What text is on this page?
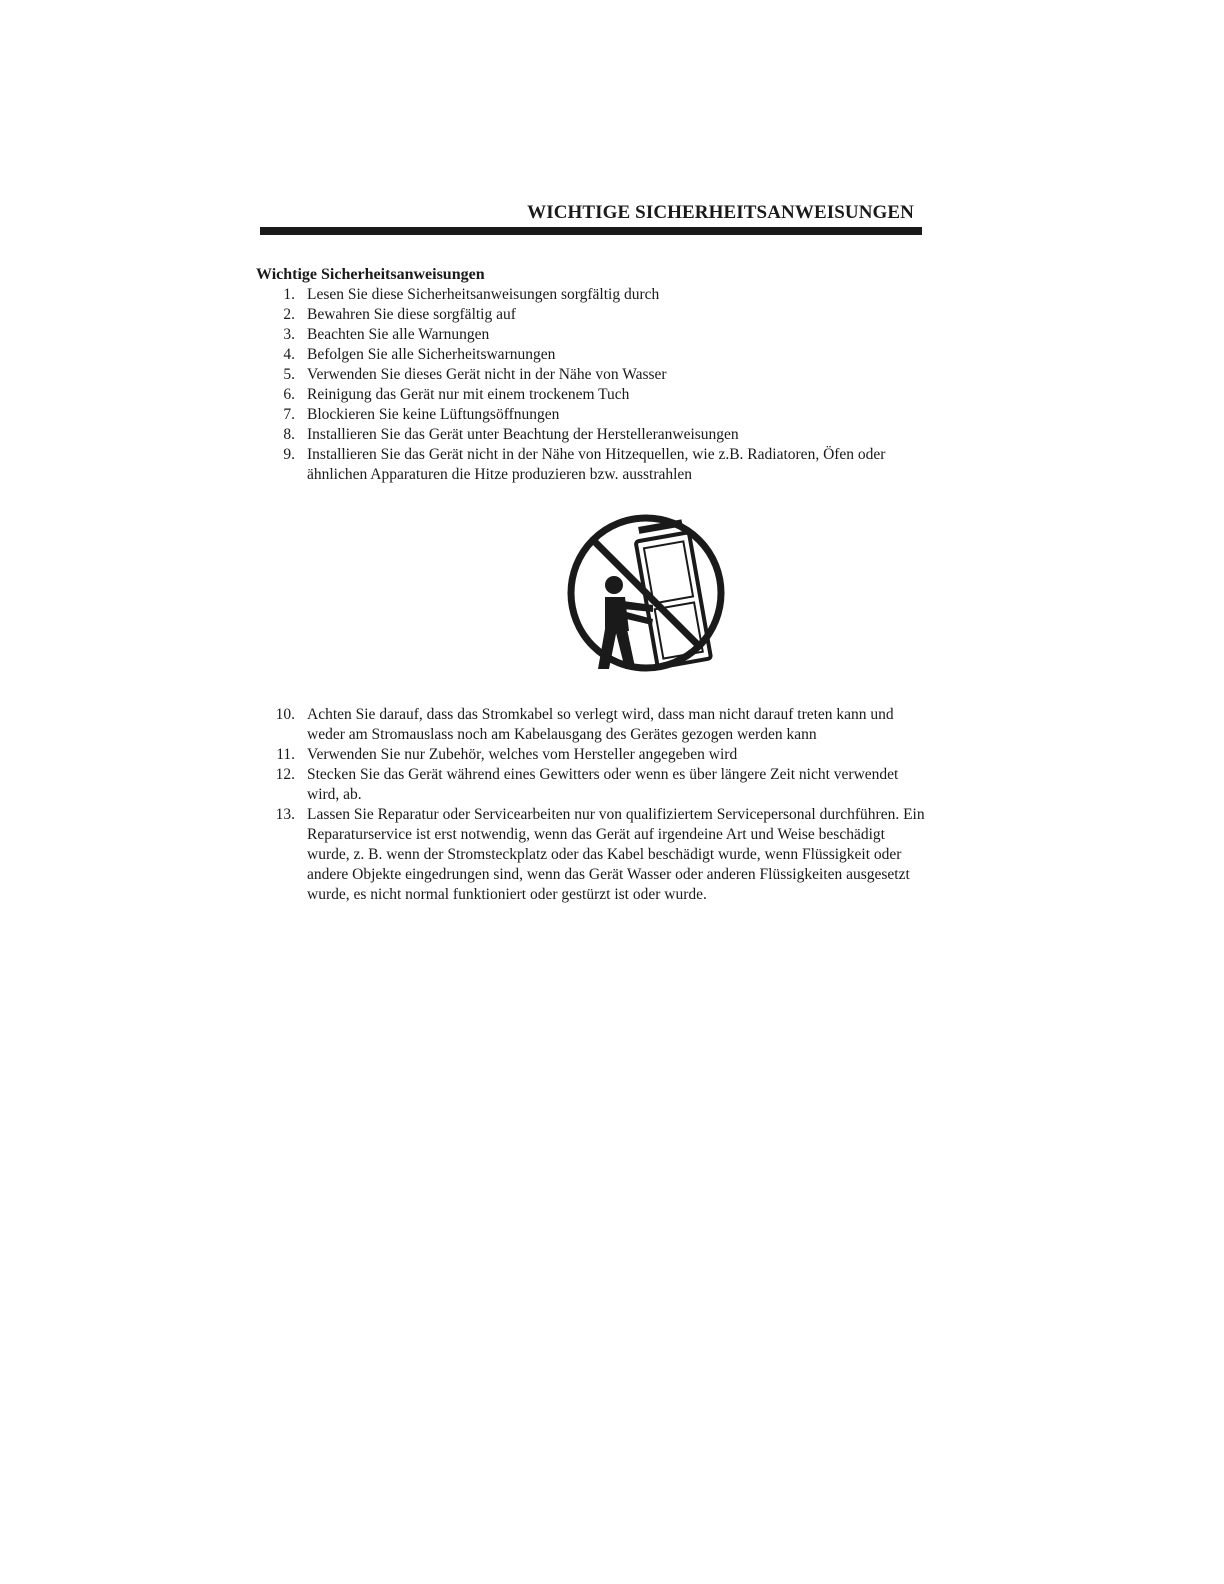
WICHTIGE SICHERHEITSANWEISUNGEN

Wichtige Sicherheitsanweisungen

1. Lesen Sie diese Sicherheitsanweisungen sorgfältig durch
2. Bewahren Sie diese sorgfältig auf
3. Beachten Sie alle Warnungen
4. Befolgen Sie alle Sicherheitswarnungen
5. Verwenden Sie dieses Gerät nicht in der Nähe von Wasser
6. Reinigung das Gerät nur mit einem trockenem Tuch
7. Blockieren Sie keine Lüftungsöffnungen
8. Installieren Sie das Gerät unter Beachtung der Herstelleranweisungen
9. Installieren Sie das Gerät nicht in der Nähe von Hitzequellen, wie z.B. Radiatoren, Öfen oder ähnlichen Apparaturen die Hitze produzieren bzw. ausstrahlen
10. Achten Sie darauf, dass das Stromkabel so verlegt wird, dass man nicht darauf treten kann und weder am Stromauslass noch am Kabelausgang des Gerätes gezogen werden kann
11. Verwenden Sie nur Zubehör, welches vom Hersteller angegeben wird
12. Stecken Sie das Gerät während eines Gewitters oder wenn es über längere Zeit nicht verwendet wird, ab.
13. Lassen Sie Reparatur oder Servicearbeiten nur von qualifiziertem Servicepersonal durchführen. Ein Reparaturservice ist erst notwendig, wenn das Gerät auf irgendeine Art und Weise beschädigt wurde, z. B. wenn der Stromsteckplatz oder das Kabel beschädigt wurde, wenn Flüssigkeit oder andere Objekte eingedrungen sind, wenn das Gerät Wasser oder anderen Flüssigkeiten ausgesetzt wurde, es nicht normal funktioniert oder gestürzt ist oder wurde.
